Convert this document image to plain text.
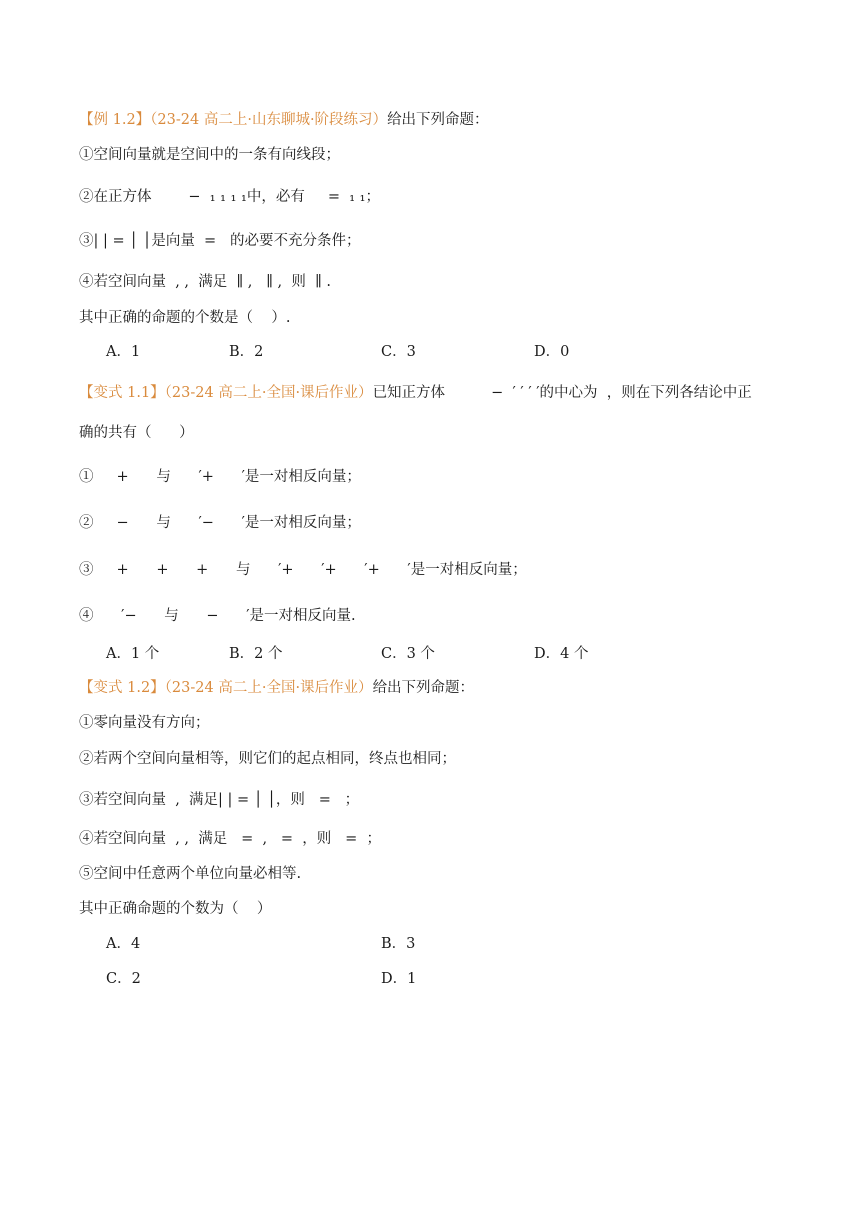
【例 1.2】（23-24 高二上·山东聊城·阶段练习）给出下列命题：
①空间向量就是空间中的一条有向线段；
②在正方体        −  ₁ ₁ ₁ ₁中，必有     =  ₁ ₁；
③| | = │ │是向量  =   的必要不充分条件；
④若空间向量  , ,  满足  ∥ ,   ∥ ,  则  ∥ .
其中正确的命题的个数是（    ）.
A．1	B．2	C．3	D．0
【变式 1.1】（23-24 高二上·全国·课后作业）已知正方体          −  ′ ′ ′ ′的中心为  ，则在下列各结论中正
确的共有（      ）
①     +      与      ′+      ′是一对相反向量；
②     −      与      ′−      ′是一对相反向量；
③     +      +      +      与      ′+      ′+      ′+      ′是一对相反向量；
④      ′−      与      −      ′是一对相反向量.
A．1 个	B．2 个	C．3 个	D．4 个
【变式 1.2】（23-24 高二上·全国·课后作业）给出下列命题：
①零向量没有方向；
②若两个空间向量相等，则它们的起点相同，终点也相同；
③若空间向量  ,  满足| | = │ │，则   =   ；
④若空间向量  , ,  满足   =  ,   =  ，则   =  ；
⑤空间中任意两个单位向量必相等.
其中正确命题的个数为（    ）
A．4	B．3
C．2	D．1
